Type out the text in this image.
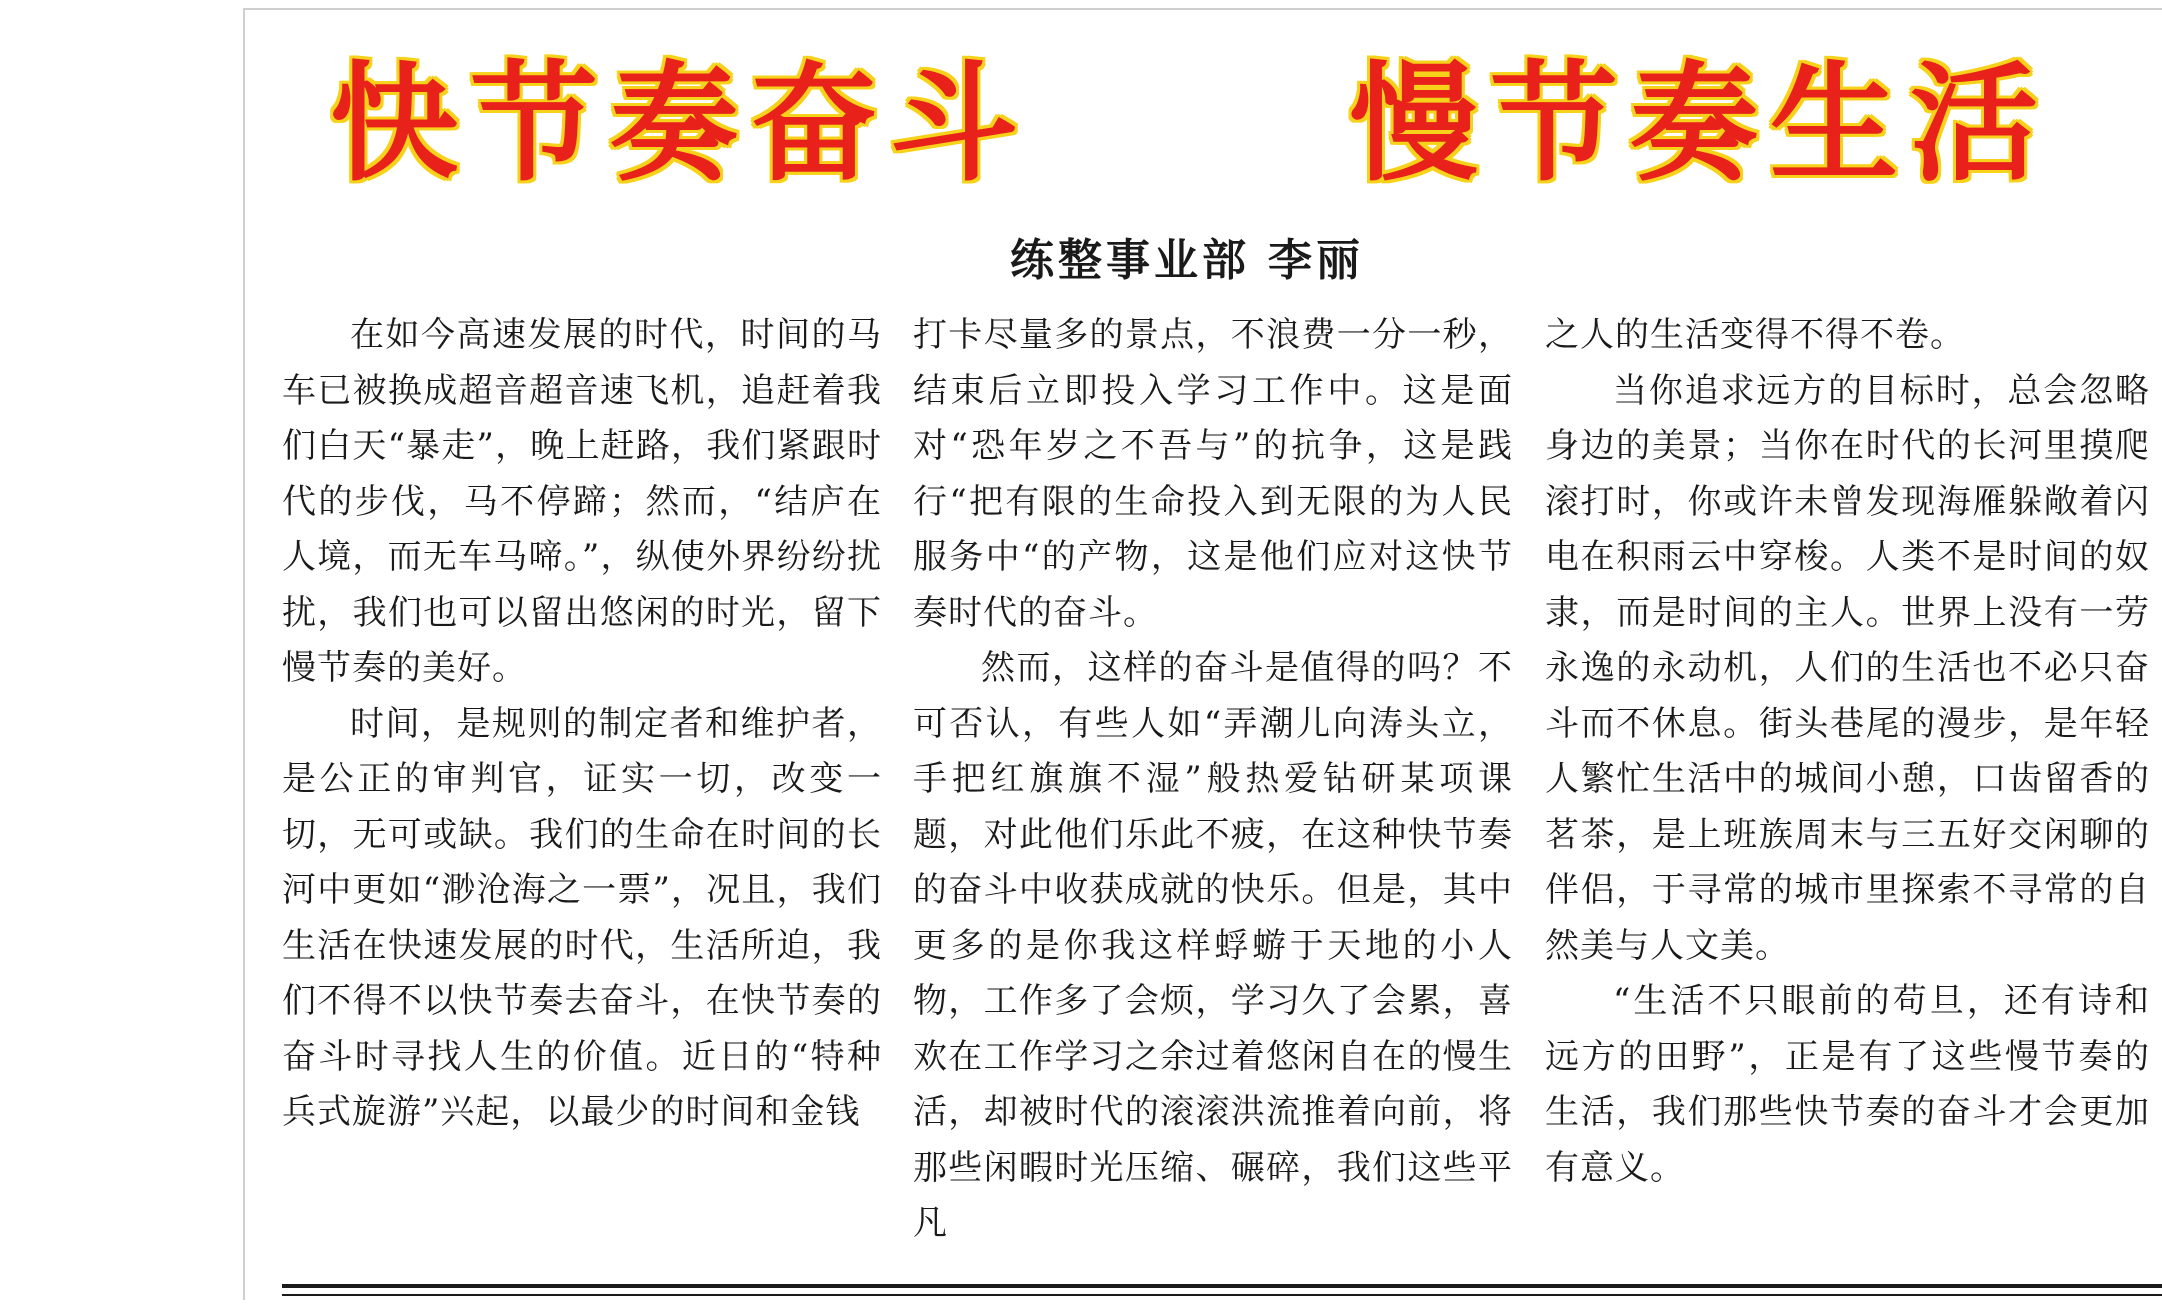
快节奏奋斗 慢节奏生活
练整事业部 李丽

在如今高速发展的时代，时间的马车已被换成超音超音速飞机，追赶着我们白天“暴走”，晚上赶路，我们紧跟时代的步伐，马不停蹄；然而，“结庐在人境，而无车马啼。”，纵使外界纷纷扰扰，我们也可以留出悠闲的时光，留下慢节奏的美好。

时间，是规则的制定者和维护者，是公正的审判官，证实一切，改变一切，无可或缺。我们的生命在时间的长河中更如“渺沧海之一票”，况且，我们生活在快速发展的时代，生活所迫，我们不得不以快节奏去奋斗，在快节奏的奋斗时寻找人生的价值。近日的“特种兵式旋游”兴起，以最少的时间和金钱

打卡尽量多的景点，不浪费一分一秒，结束后立即投入学习工作中。这是面对“恐年岁之不吾与”的抗争，这是践行“把有限的生命投入到无限的为人民服务中“的产物，这是他们应对这快节奏时代的奋斗。

然而，这样的奋斗是值得的吗？不可否认，有些人如“弄潮儿向涛头立，手把红旗旗不湿”般热爱钻研某项课题，对此他们乐此不疲，在这种快节奏的奋斗中收获成就的快乐。但是，其中更多的是你我这样蜉蝣于天地的小人物，工作多了会烦，学习久了会累，喜欢在工作学习之余过着悠闲自在的慢生活，却被时代的滚滚洪流推着向前，将那些闲暇时光压缩、碾碎，我们这些平凡

之人的生活变得不得不卷。

当你追求远方的目标时，总会忽略身边的美景；当你在时代的长河里摸爬滚打时，你或许未曾发现海雁躲敞着闪电在积雨云中穿梭。人类不是时间的奴隶，而是时间的主人。世界上没有一劳永逸的永动机，人们的生活也不必只奋斗而不休息。街头巷尾的漫步，是年轻人繁忙生活中的城间小憩，口齿留香的茗茶，是上班族周末与三五好交闲聊的伴侣，于寻常的城市里探索不寻常的自然美与人文美。

“生活不只眼前的苟旦，还有诗和远方的田野”，正是有了这些慢节奏的生活，我们那些快节奏的奋斗才会更加有意义。
